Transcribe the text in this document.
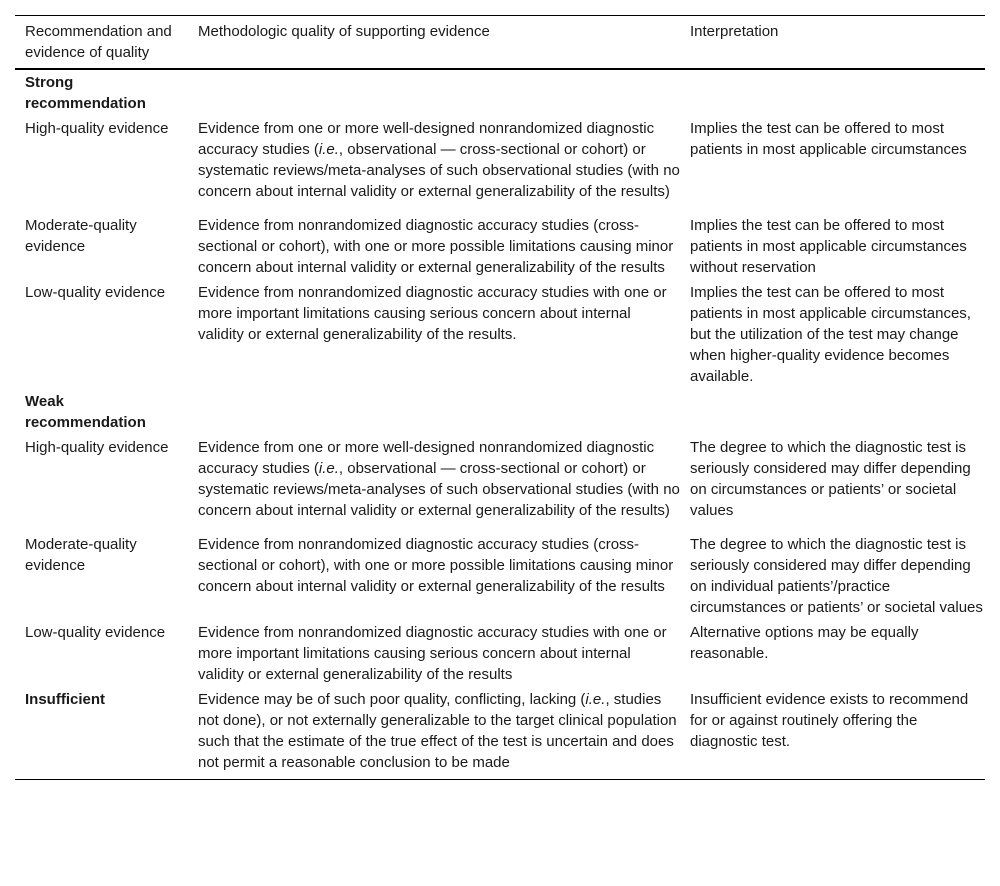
Recommendation and evidence of quality	Methodologic quality of supporting evidence	Interpretation
Strong recommendation		
High-quality evidence	Evidence from one or more well-designed nonrandomized diagnostic accuracy studies (i.e., observational — cross-sectional or cohort) or systematic reviews/meta-analyses of such observational studies (with no concern about internal validity or external generalizability of the results)	Implies the test can be offered to most patients in most applicable circumstances
Moderate-quality evidence	Evidence from nonrandomized diagnostic accuracy studies (cross-sectional or cohort), with one or more possible limitations causing minor concern about internal validity or external generalizability of the results	Implies the test can be offered to most patients in most applicable circumstances without reservation
Low-quality evidence	Evidence from nonrandomized diagnostic accuracy studies with one or more important limitations causing serious concern about internal validity or external generalizability of the results.	Implies the test can be offered to most patients in most applicable circumstances, but the utilization of the test may change when higher-quality evidence becomes available.
Weak recommendation		
High-quality evidence	Evidence from one or more well-designed nonrandomized diagnostic accuracy studies (i.e., observational — cross-sectional or cohort) or systematic reviews/meta-analyses of such observational studies (with no concern about internal validity or external generalizability of the results)	The degree to which the diagnostic test is seriously considered may differ depending on circumstances or patients’ or societal values
Moderate-quality evidence	Evidence from nonrandomized diagnostic accuracy studies (cross-sectional or cohort), with one or more possible limitations causing minor concern about internal validity or external generalizability of the results	The degree to which the diagnostic test is seriously considered may differ depending on individual patients’/practice circumstances or patients’ or societal values
Low-quality evidence	Evidence from nonrandomized diagnostic accuracy studies with one or more important limitations causing serious concern about internal validity or external generalizability of the results	Alternative options may be equally reasonable.
Insufficient	Evidence may be of such poor quality, conflicting, lacking (i.e., studies not done), or not externally generalizable to the target clinical population such that the estimate of the true effect of the test is uncertain and does not permit a reasonable conclusion to be made	Insufficient evidence exists to recommend for or against routinely offering the diagnostic test.
